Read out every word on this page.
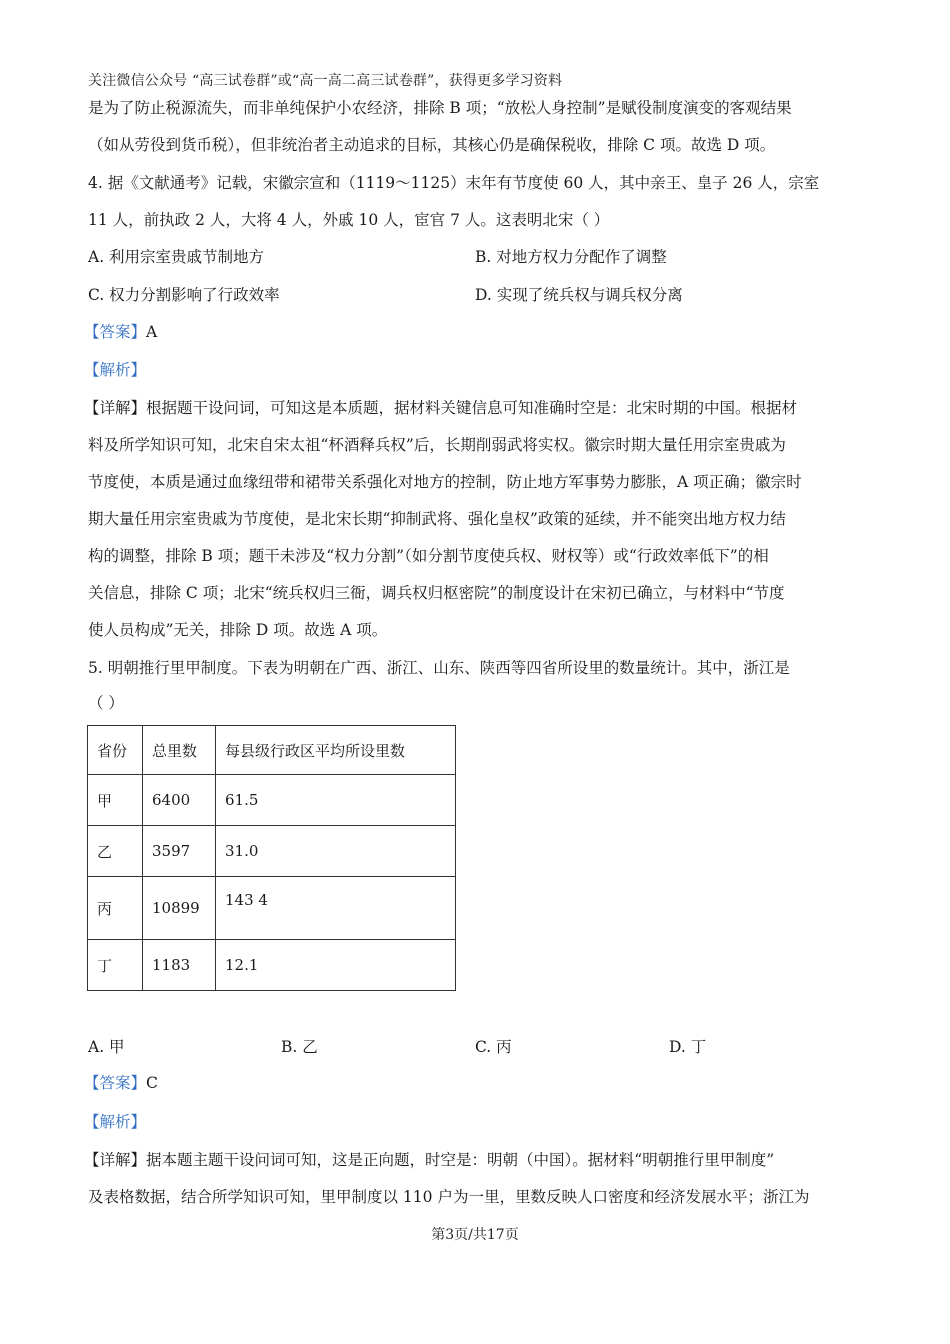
关注微信公众号 “高三试卷群”或“高一高二高三试卷群”，获得更多学习资料
是为了防止税源流失，而非单纯保护小农经济，排除 B 项；“放松人身控制”是赋役制度演变的客观结果
（如从劳役到货币税），但非统治者主动追求的目标，其核心仍是确保税收，排除 C 项。故选 D 项。
4. 据《文献通考》记载，宋徽宗宣和（1119～1125）末年有节度使 60 人，其中亲王、皇子 26 人，宗室
11 人，前执政 2 人，大将 4 人，外戚 10 人，宦官 7 人。这表明北宋（ ）
A. 利用宗室贵戚节制地方	B. 对地方权力分配作了调整
C. 权力分割影响了行政效率	D. 实现了统兵权与调兵权分离
【答案】A
【解析】
【详解】根据题干设问词，可知这是本质题，据材料关键信息可知准确时空是：北宋时期的中国。根据材
料及所学知识可知，北宋自宋太祖“杯酒释兵权”后，长期削弱武将实权。徽宗时期大量任用宗室贵戚为
节度使，本质是通过血缘纽带和裙带关系强化对地方的控制，防止地方军事势力膨胀，A 项正确；徽宗时
期大量任用宗室贵戚为节度使，是北宋长期“抑制武将、强化皇权”政策的延续，并不能突出地方权力结
构的调整，排除 B 项；题干未涉及“权力分割”（如分割节度使兵权、财权等）或“行政效率低下”的相
关信息，排除 C 项；北宋“统兵权归三衙，调兵权归枢密院”的制度设计在宋初已确立，与材料中“节度
使人员构成”无关，排除 D 项。故选 A 项。
5. 明朝推行里甲制度。下表为明朝在广西、浙江、山东、陕西等四省所设里的数量统计。其中，浙江是
（ ）
省份	总里数	每县级行政区平均所设里数
甲	6400	61.5
乙	3597	31.0
丙	10899	143 4
丁	1183	12.1
A. 甲	B. 乙	C. 丙	D. 丁
【答案】C
【解析】
【详解】据本题主题干设问词可知，这是正向题，时空是：明朝（中国）。据材料“明朝推行里甲制度”
及表格数据，结合所学知识可知，里甲制度以 110 户为一里，里数反映人口密度和经济发展水平；浙江为
第3页/共17页
